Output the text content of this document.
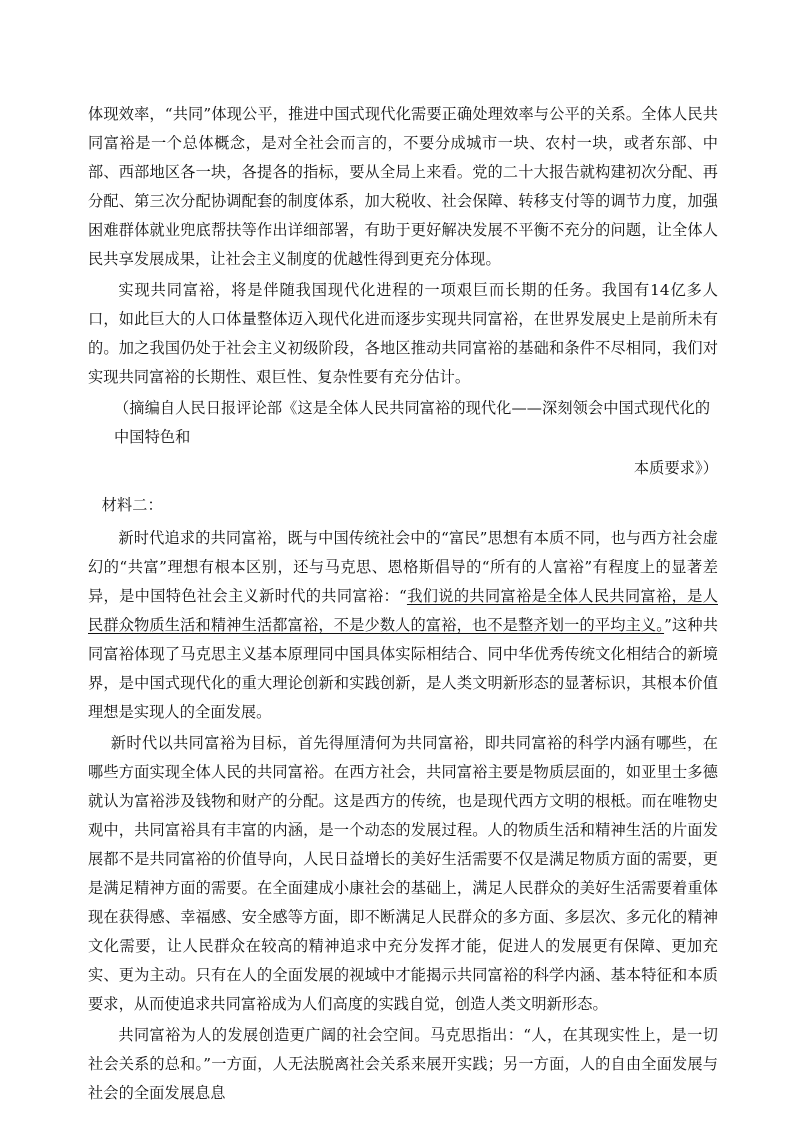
体现效率，“共同”体现公平，推进中国式现代化需要正确处理效率与公平的关系。全体人民共同富裕是一个总体概念，是对全社会而言的，不要分成城市一块、农村一块，或者东部、中部、西部地区各一块，各提各的指标，要从全局上来看。党的二十大报告就构建初次分配、再分配、第三次分配协调配套的制度体系，加大税收、社会保障、转移支付等的调节力度，加强困难群体就业兜底帮扶等作出详细部署，有助于更好解决发展不平衡不充分的问题，让全体人民共享发展成果，让社会主义制度的优越性得到更充分体现。

实现共同富裕，将是伴随我国现代化进程的一项艰巨而长期的任务。我国有14亿多人口，如此巨大的人口体量整体迈入现代化进而逐步实现共同富裕，在世界发展史上是前所未有的。加之我国仍处于社会主义初级阶段，各地区推动共同富裕的基础和条件不尽相同，我们对实现共同富裕的长期性、艰巨性、复杂性要有充分估计。

（摘编自人民日报评论部《这是全体人民共同富裕的现代化——深刻领会中国式现代化的中国特色和

本质要求》）

材料二：

新时代追求的共同富裕，既与中国传统社会中的“富民”思想有本质不同，也与西方社会虚幻的“共富”理想有根本区别，还与马克思、恩格斯倡导的“所有的人富裕”有程度上的显著差异，是中国特色社会主义新时代的共同富裕：“我们说的共同富裕是全体人民共同富裕，是人民群众物质生活和精神生活都富裕，不是少数人的富裕，也不是整齐划一的平均主义。”这种共同富裕体现了马克思主义基本原理同中国具体实际相结合、同中华优秀传统文化相结合的新境界，是中国式现代化的重大理论创新和实践创新，是人类文明新形态的显著标识，其根本价值理想是实现人的全面发展。

新时代以共同富裕为目标，首先得厘清何为共同富裕，即共同富裕的科学内涵有哪些，在哪些方面实现全体人民的共同富裕。在西方社会，共同富裕主要是物质层面的，如亚里士多德就认为富裕涉及钱物和财产的分配。这是西方的传统，也是现代西方文明的根柢。而在唯物史观中，共同富裕具有丰富的内涵，是一个动态的发展过程。人的物质生活和精神生活的片面发展都不是共同富裕的价值导向，人民日益增长的美好生活需要不仅是满足物质方面的需要，更是满足精神方面的需要。在全面建成小康社会的基础上，满足人民群众的美好生活需要着重体现在获得感、幸福感、安全感等方面，即不断满足人民群众的多方面、多层次、多元化的精神文化需要，让人民群众在较高的精神追求中充分发挥才能，促进人的发展更有保障、更加充实、更为主动。只有在人的全面发展的视域中才能揭示共同富裕的科学内涵、基本特征和本质要求，从而使追求共同富裕成为人们高度的实践自觉，创造人类文明新形态。

共同富裕为人的发展创造更广阔的社会空间。马克思指出：“人，在其现实性上，是一切社会关系的总和。”一方面，人无法脱离社会关系来展开实践；另一方面，人的自由全面发展与社会的全面发展息息
